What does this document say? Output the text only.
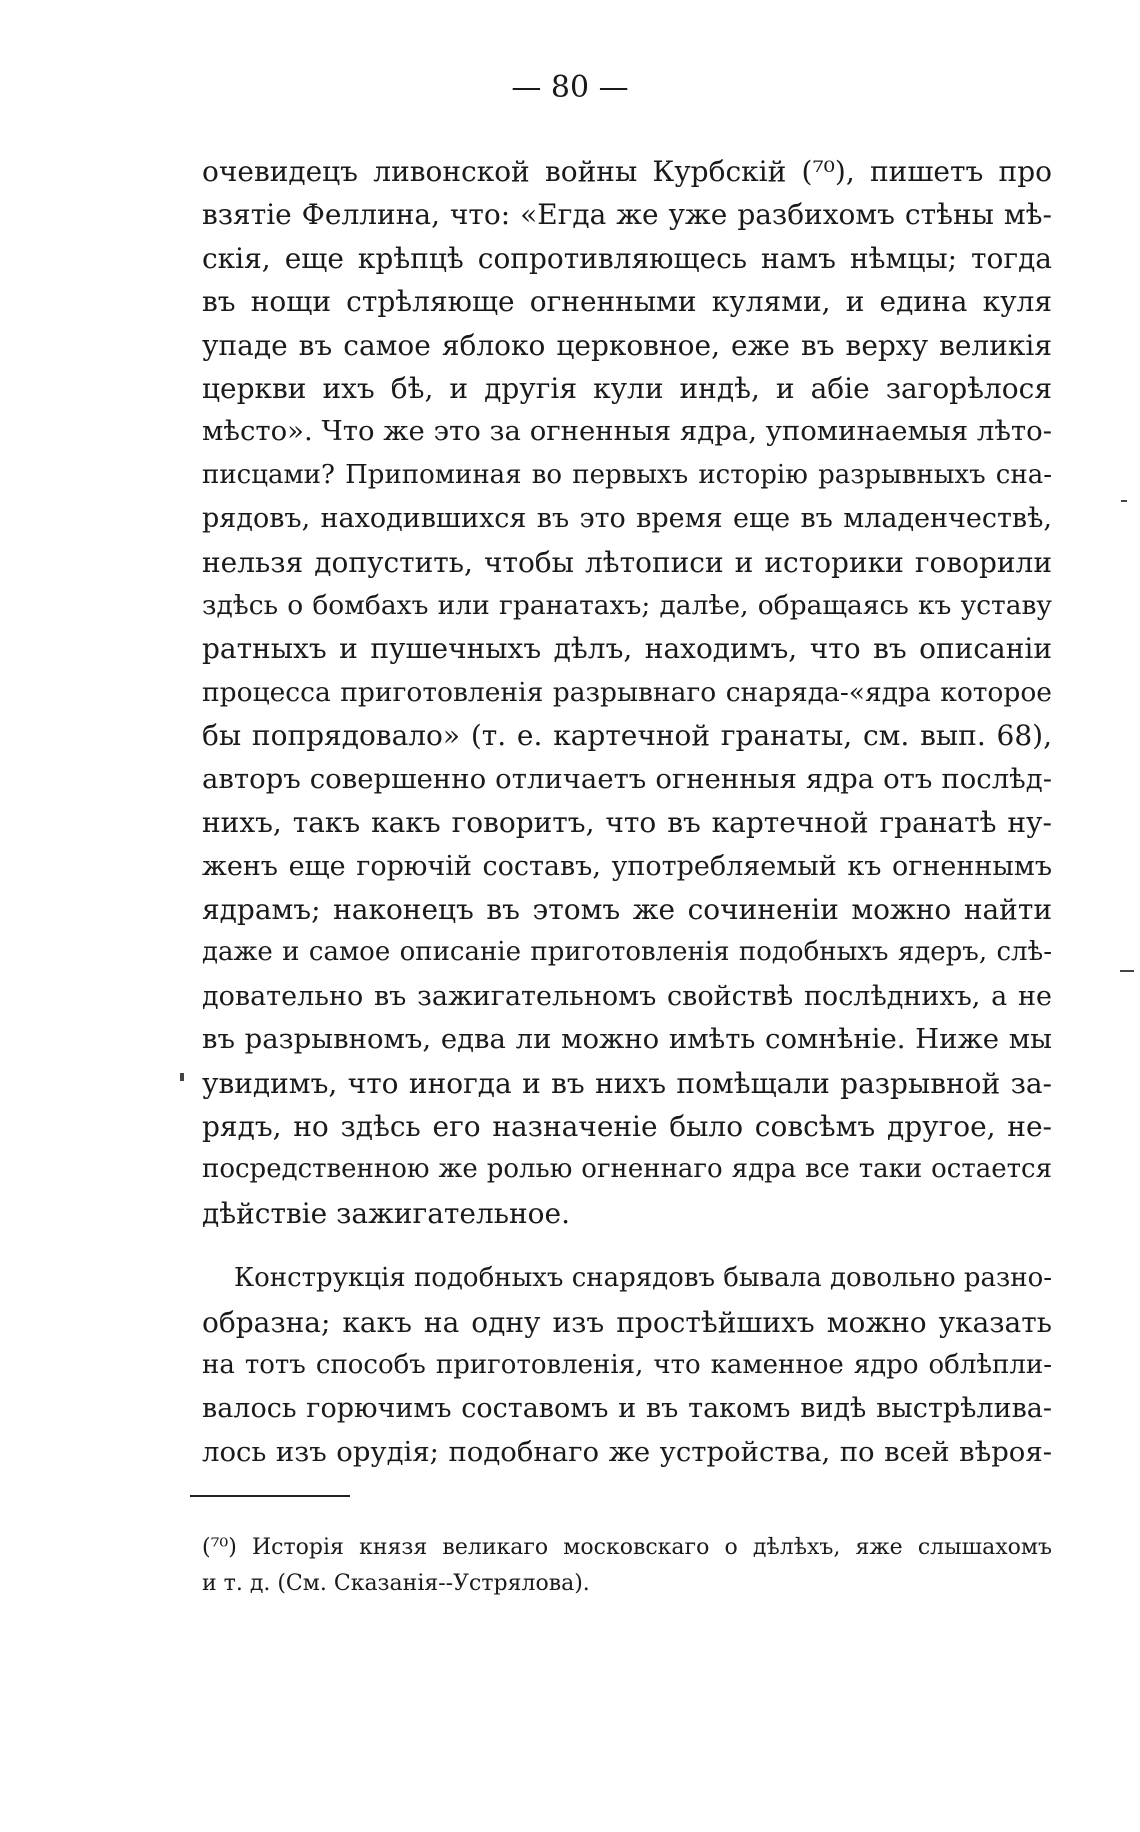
— 80 —
очевидецъ ливонской войны Курбскій (⁷⁰), пишетъ про
взятіе Феллина, что: «Егда же уже разбихомъ стѣны мѣ-
скія, еще крѣпцѣ сопротивляющесь намъ нѣмцы; тогда
въ нощи стрѣляюще огненными кулями, и едина куля
упаде въ самое яблоко церковное, еже въ верху великія
церкви ихъ бѣ, и другія кули индѣ, и абіе загорѣлося
мѣсто». Что же это за огненныя ядра, упоминаемыя лѣто-
писцами? Припоминая во первыхъ исторію разрывныхъ сна-
рядовъ, находившихся въ это время еще въ младенчествѣ,
нельзя допустить, чтобы лѣтописи и историки говорили
здѣсь о бомбахъ или гранатахъ; далѣе, обращаясь къ уставу
ратныхъ и пушечныхъ дѣлъ, находимъ, что въ описаніи
процесса приготовленія разрывнаго снаряда-«ядра которое
бы попрядовало» (т. е. картечной гранаты, см. вып. 68),
авторъ совершенно отличаетъ огненныя ядра отъ послѣд-
нихъ, такъ какъ говоритъ, что въ картечной гранатѣ ну-
женъ еще горючій составъ, употребляемый къ огненнымъ
ядрамъ; наконецъ въ этомъ же сочиненіи можно найти
даже и самое описаніе приготовленія подобныхъ ядеръ, слѣ-
довательно въ зажигательномъ свойствѣ послѣднихъ, а не
въ разрывномъ, едва ли можно имѣть сомнѣніе. Ниже мы
увидимъ, что иногда и въ нихъ помѣщали разрывной за-
рядъ, но здѣсь его назначеніе было совсѣмъ другое, не-
посредственною же ролью огненнаго ядра все таки остается
дѣйствіе зажигательное.
Конструкція подобныхъ снарядовъ бывала довольно разно-
образна; какъ на одну изъ простѣйшихъ можно указать
на тотъ способъ приготовленія, что каменное ядро облѣпли-
валось горючимъ составомъ и въ такомъ видѣ выстрѣлива-
лось изъ орудія; подобнаго же устройства, по всей вѣроя-
(⁷⁰) Исторія князя великаго московскаго о дѣлѣхъ, яже слышахомъ
и т. д. (См. Сказанія--Устрялова).
